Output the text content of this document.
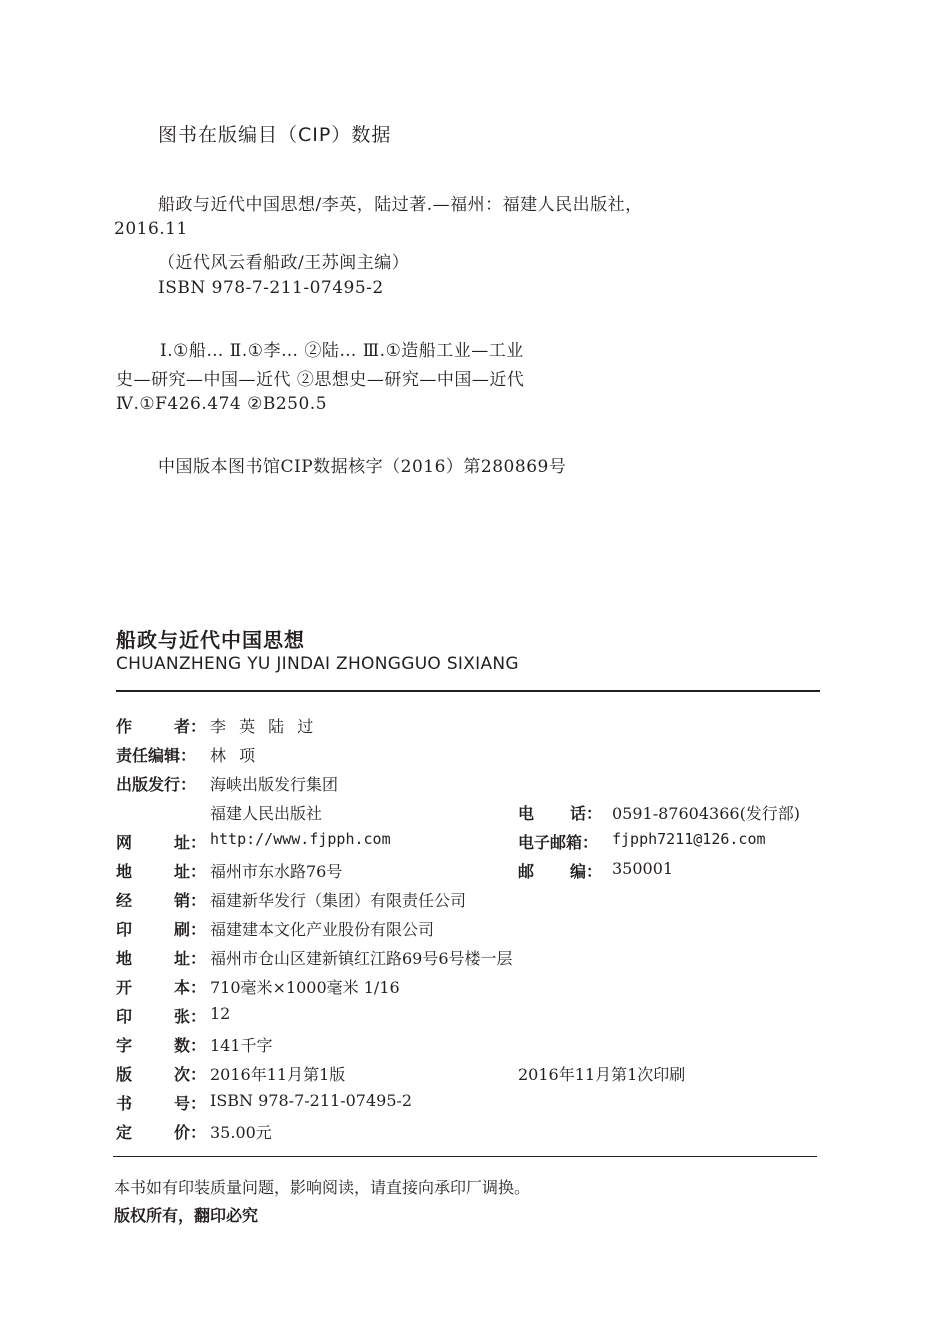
图书在版编目（CIP）数据
船政与近代中国思想/李英，陆过著.—福州：福建人民出版社，
2016.11
（近代风云看船政/王苏闽主编）
ISBN 978-7-211-07495-2
Ⅰ.①船… Ⅱ.①李… ②陆… Ⅲ.①造船工业—工业
史—研究—中国—近代 ②思想史—研究—中国—近代
Ⅳ.①F426.474 ②B250.5
中国版本图书馆CIP数据核字（2016）第280869号
船政与近代中国思想
CHUANZHENG YU JINDAI ZHONGGUO SIXIANG
作	者： 李 英 陆 过
责任编辑： 林 项
出版发行： 海峡出版发行集团
福建人民出版社	电 话： 0591-87604366(发行部)
网	址： http://www.fjpph.com	电子邮箱： fjpph7211@126.com
地	址： 福州市东水路76号	邮 编： 350001
经	销： 福建新华发行（集团）有限责任公司
印	刷： 福建建本文化产业股份有限公司
地	址： 福州市仓山区建新镇红江路69号6号楼一层
开	本： 710毫米×1000毫米 1/16
印	张： 12
字	数： 141千字
版	次： 2016年11月第1版	2016年11月第1次印刷
书	号： ISBN 978-7-211-07495-2
定	价： 35.00元
本书如有印装质量问题，影响阅读，请直接向承印厂调换。
版权所有，翻印必究
